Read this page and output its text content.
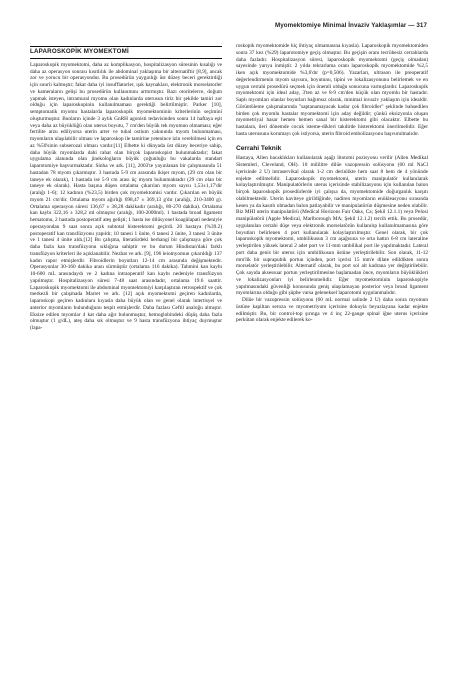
Myomektomiye Minimal İnvaziv Yaklaşımlar — 317
LAPAROSKOPİK MYOMEKTOMİ

Laparoskopik myomektomi, daha az komplikasyon, hospitalizasyon süresinin kısalığı ve daha az operasyon sonrası kısıtlılık ile abdominal yaklaşıma bir alternatiftir [8,9], ancak zor ve yorucu bir operasyondur. Bu prosedürün yaygınlığı üst düzey beceri gerektirdiği için sınırlı kalmıştır; fakat daha iyi insufflatorler, ışık kaynakları, elektronik morselatorler ve kameraların gelişi bu prosedürün kullanımını arttırmıştır. Bazı otoritelerce, doğum yapmak isteyen, intramural myomu olan kadınlarda uterusun tiriz bir şekilde tamiri zor olduğu için laparoskopinin kullanılmaması gerektiği belirtilmiştir. Parker [10], semptomatik myomu hastalarda laparoskopik myomektominin kriterlerinin seçimini oluşturmuştur. Bunların içinde 3 aylık GnRH agonisti tedavisinden sonra 14 haftaya eşit veya daha az büyüklüğü olan uterus boyutu, 7 cm'den büyük tek myomun olmaması; eğer fertilite arzu ediliyorsa uterin arter ve tubal ostium yakınında myom bulunmaması, myomların ulaşılabilir olması ve laparoskop ile tamirine yetenince izin verebilmesi için en az %50'sinin subserozal olması vardır.[11] Elbette ki dünyada üst düzey beceriye sahip, daha büyük myomlarda dahi rahat olan birçok laparoskopist bulunmaktadır; fakat uygulama alanında olan jinekologların büyük çoğunluğu bu vakalarda standart laparotomiye başvurmaktadır. Sinha ve ark. [11], 2003'te yayınlanan bir çalışmasında 51 hastadan 78 myom çıkarmıştır. 3 hastada 5-9 cm arasında ikişer myom, (29 cm olan bir taneye ek olarak), 1 hastada ise 5-9 cm arası üç myom bulunmaktadır (29 cm olan bir taneye ek olarak). Hasta başına düşen ortalama çıkarılan myom sayısı 1,53±1,17'dir (aralığı 1-6); 12 kadının (%23,5) birden çok myomektomisi vardır. Çıkarılan en büyük myom 21 cm'dir. Ortalama myom ağırlığı 698,47 ± 369,13 g'dır (aralığı, 210-3400 g). Ortalama operasyon süresi 136,67 ± 38,28 dakikadır (aralığı, 80-270 dakika). Ortalama kan kaybı 322,16 ± 328,2 ml olmuştur (aralığı, 100-2000ml). 1 hastada broad ligament hematomu, 2 hastada postoperatif ateş gelişti; 1 hasta ise dilüsyonel koagülapati nedeniyle operasyondan 9 saat sonra açık subtotal histerektomi geçirdi. 20 hastaya (%39.2) postoperatif kan transfüzyonu yapıldı; 10 tanesi 1 ünite, 6 tanesi 2 ünite, 3 tanesi 3 ünite ve 1 tanesi 4 ünite aldı.[12] Bu çalışma, literatürdeki herhangi bir çalışmaya göre çok daha fazla kan transfüzyonu sıklığına sahiptir ve bu durum Hindistan'daki farklı transfüzyon kriterleri ile açıklanabilir. Nezhat ve ark. [9], 196 leiomyomun çıkarıldığı 137 kadın rapor etmişlerdir. Fibroidlerin boyutları 12-14 cm arasında değişmektedir. Operasyonlar 30-160 dakika arası sürmüştür (ortalama 116 dakika). Tahmini kan kaybı 10-600 mL arasındaydı ve 2 kadına intraoperatif kan kaybı nedeniyle transfüzyon yapılmıştır. Hospitalizasyon süresi 7-48 saat arasındadır, ortalama 19.6 saattir. Laparoskopik myomektomi ile abdominal myomektomiyi karşılaştıran retrospektif ve çok merkezli bir çalışmada Marret ve ark. [12] açık myomektomi geçiren kadınlarda, laparoskopi geçiren kadınlara kıyasla daha büyük olan ve genel olarak intertisyel ve anterior myomların bulunduğunu tespit etmişlerdir. Daha fazlası Ceftil analoğu almıştır. Eksize edilen myomlar 4 kat daha ağır bulunmuştur, hemoglobindeki düşüş daha fazla olmuştur (1 g/dL), ateş daha sık olmuştur ve 9 hasta transfüzyona ihtiyaç duymuştur (lapa-

roskopik myomektomide hiç ihtiyaç olmamasına kıyasla). Laparoskopik myomektomiden sonra 37 kez (%29) laparotomiye geçiş olmuştur. Bu geçişin oranı tecrübesiz cerrahlarda daha fazladır. Hospitalizasyon süresi, laparoskopik myomektomi (geçiş olmadan) sayesinde yarıya inmiştir. 2 yılda tekrarlama oranı laparoskopik myomektomide %2,5 iken açık myomektomide %3,6'dır (p=0,506). Yazarları, ultrason ile preoperatif değerlendirmenin myom sayısını, boyutunu, tipini ve lokalizasyonunu belirlemek ve en uygun cerrahi prosedürü seçmek için önemli olduğu sonucuna varmışlardır. Laparoskopik myomektomi için ideal aday, 3'ten az ve 8-9 cm'den küçük olan myomlu bir hastadır. Saplı myomları olanlar boyutları bağımsız olarak, minimal invaziv yaklaşım için idealdir. Görüntüleme çalışmalarında "saptanamayacak kadar çok fibroidler" şeklinde bahsedilen birden çok myomlu hastalar myomektomi için aday değildir; çünkü eksizyonla oluşan myometriyal hasar hemen hemen sanal bir histerektomi gibi olacaktır. Elbette bu hastalara, ileri dönemde cocuk isteme-dikleri takdirde histerektomi önerilmelidir. Eğer hasta uterusunu korumayı çok istiyorsa, uterin fibroid embolizasyonu başvurulmalıdır.

Cerrahi Teknik

Hastaya, Allen bacaklıkları kullanılarak aşağı litotomi pozisyonu verilir (Allen Medikal Sistemleri, Cleveland, OH). 10 mililitre dilüe vazopressin solüsyonu (60 ml NaCl içerisinde 2 U) intraservikal olarak 1-2 cm derinlikte hem saat 8 hem de 4 yönünde enjekte edilmelidir. Laparoskopik myomektomi, uterin manipulatör kullanılarak kolaylaştırılmıştır. Manipulatörlerin uterus içerisinde stabilizasyonu için kullanılan balon birçok laparoskopik prosedürlerde iyi çalışsa da, myomektomide doğurganlık karşıtı olabilmektedir. Uterin kaviteye girildiğinde, nadiren myomların enükleasyonu sırasında kesen ya da kasıtlı olmadan balon patlayabilir ve manipulatörün düşmesine neden olabilir. Biz MHI uterin manipulatörü (Medical Horizons Fair Oaks, Ca; Şekil 12.1.1) veya Pelosi manipülatörü (Apple Medical, Marlborough MA; Şekil 12.1.2) tercih ettik. Bu prosedür, uygulanılan cerrahi düşe veya elektronik morselatörün kullanılıp kullanılmamasına göre boyutları belirlenen 4 port kullanılarak kolaylaştırılmıştır. Genel olarak, bir çok laparoskopik myomektomi, umbilikusun 3 cm aşağısına ve orta hattın 6-8 cm lateraline yerleştirilen yüksek lateral 2 adet port ve 11-mm umbilikal port ile yapılmaktadır. Lateral port daha genis bir uterus için umbilikusun üstüne yerleştirilebilir. Son olarak, 11-12 mm'lik bir suprapubik portun içinden, port içerisi 15 mm'e dilate edildikten sonra morselatör yerleştirilebilir. Alternatif olarak, bu port sol alt kadrana yer değiştirilebilir. Çok sayıda aksessuar portun yerleştirilmesine başlamadan önce, myomların büyüklükleri ve lokalizasyonları iyi belirlenmelidir. Eğer myomektominin laparoskopiyle yapılmasındaki güvenliği konusunda geniş ulaşılamayan posterior veya broad ligament myomlarına olduğu gibi şüphe varsa geleneksel laparotomi uygulanmalıdır.

Dilüe bir vazopressin solüsyonu (60 mL normal salinde 2 U) daha sonra myomun üstüne kapiltan seroza ve myometriyum içerisine dokuyla beyazlayana kadar enjekte edilmiştir. Bu, bir control-top şırınga ve 4 inç 22-gauge spinal iğne uterus içerisine perkütan olarak enjekte edilerek ko-
